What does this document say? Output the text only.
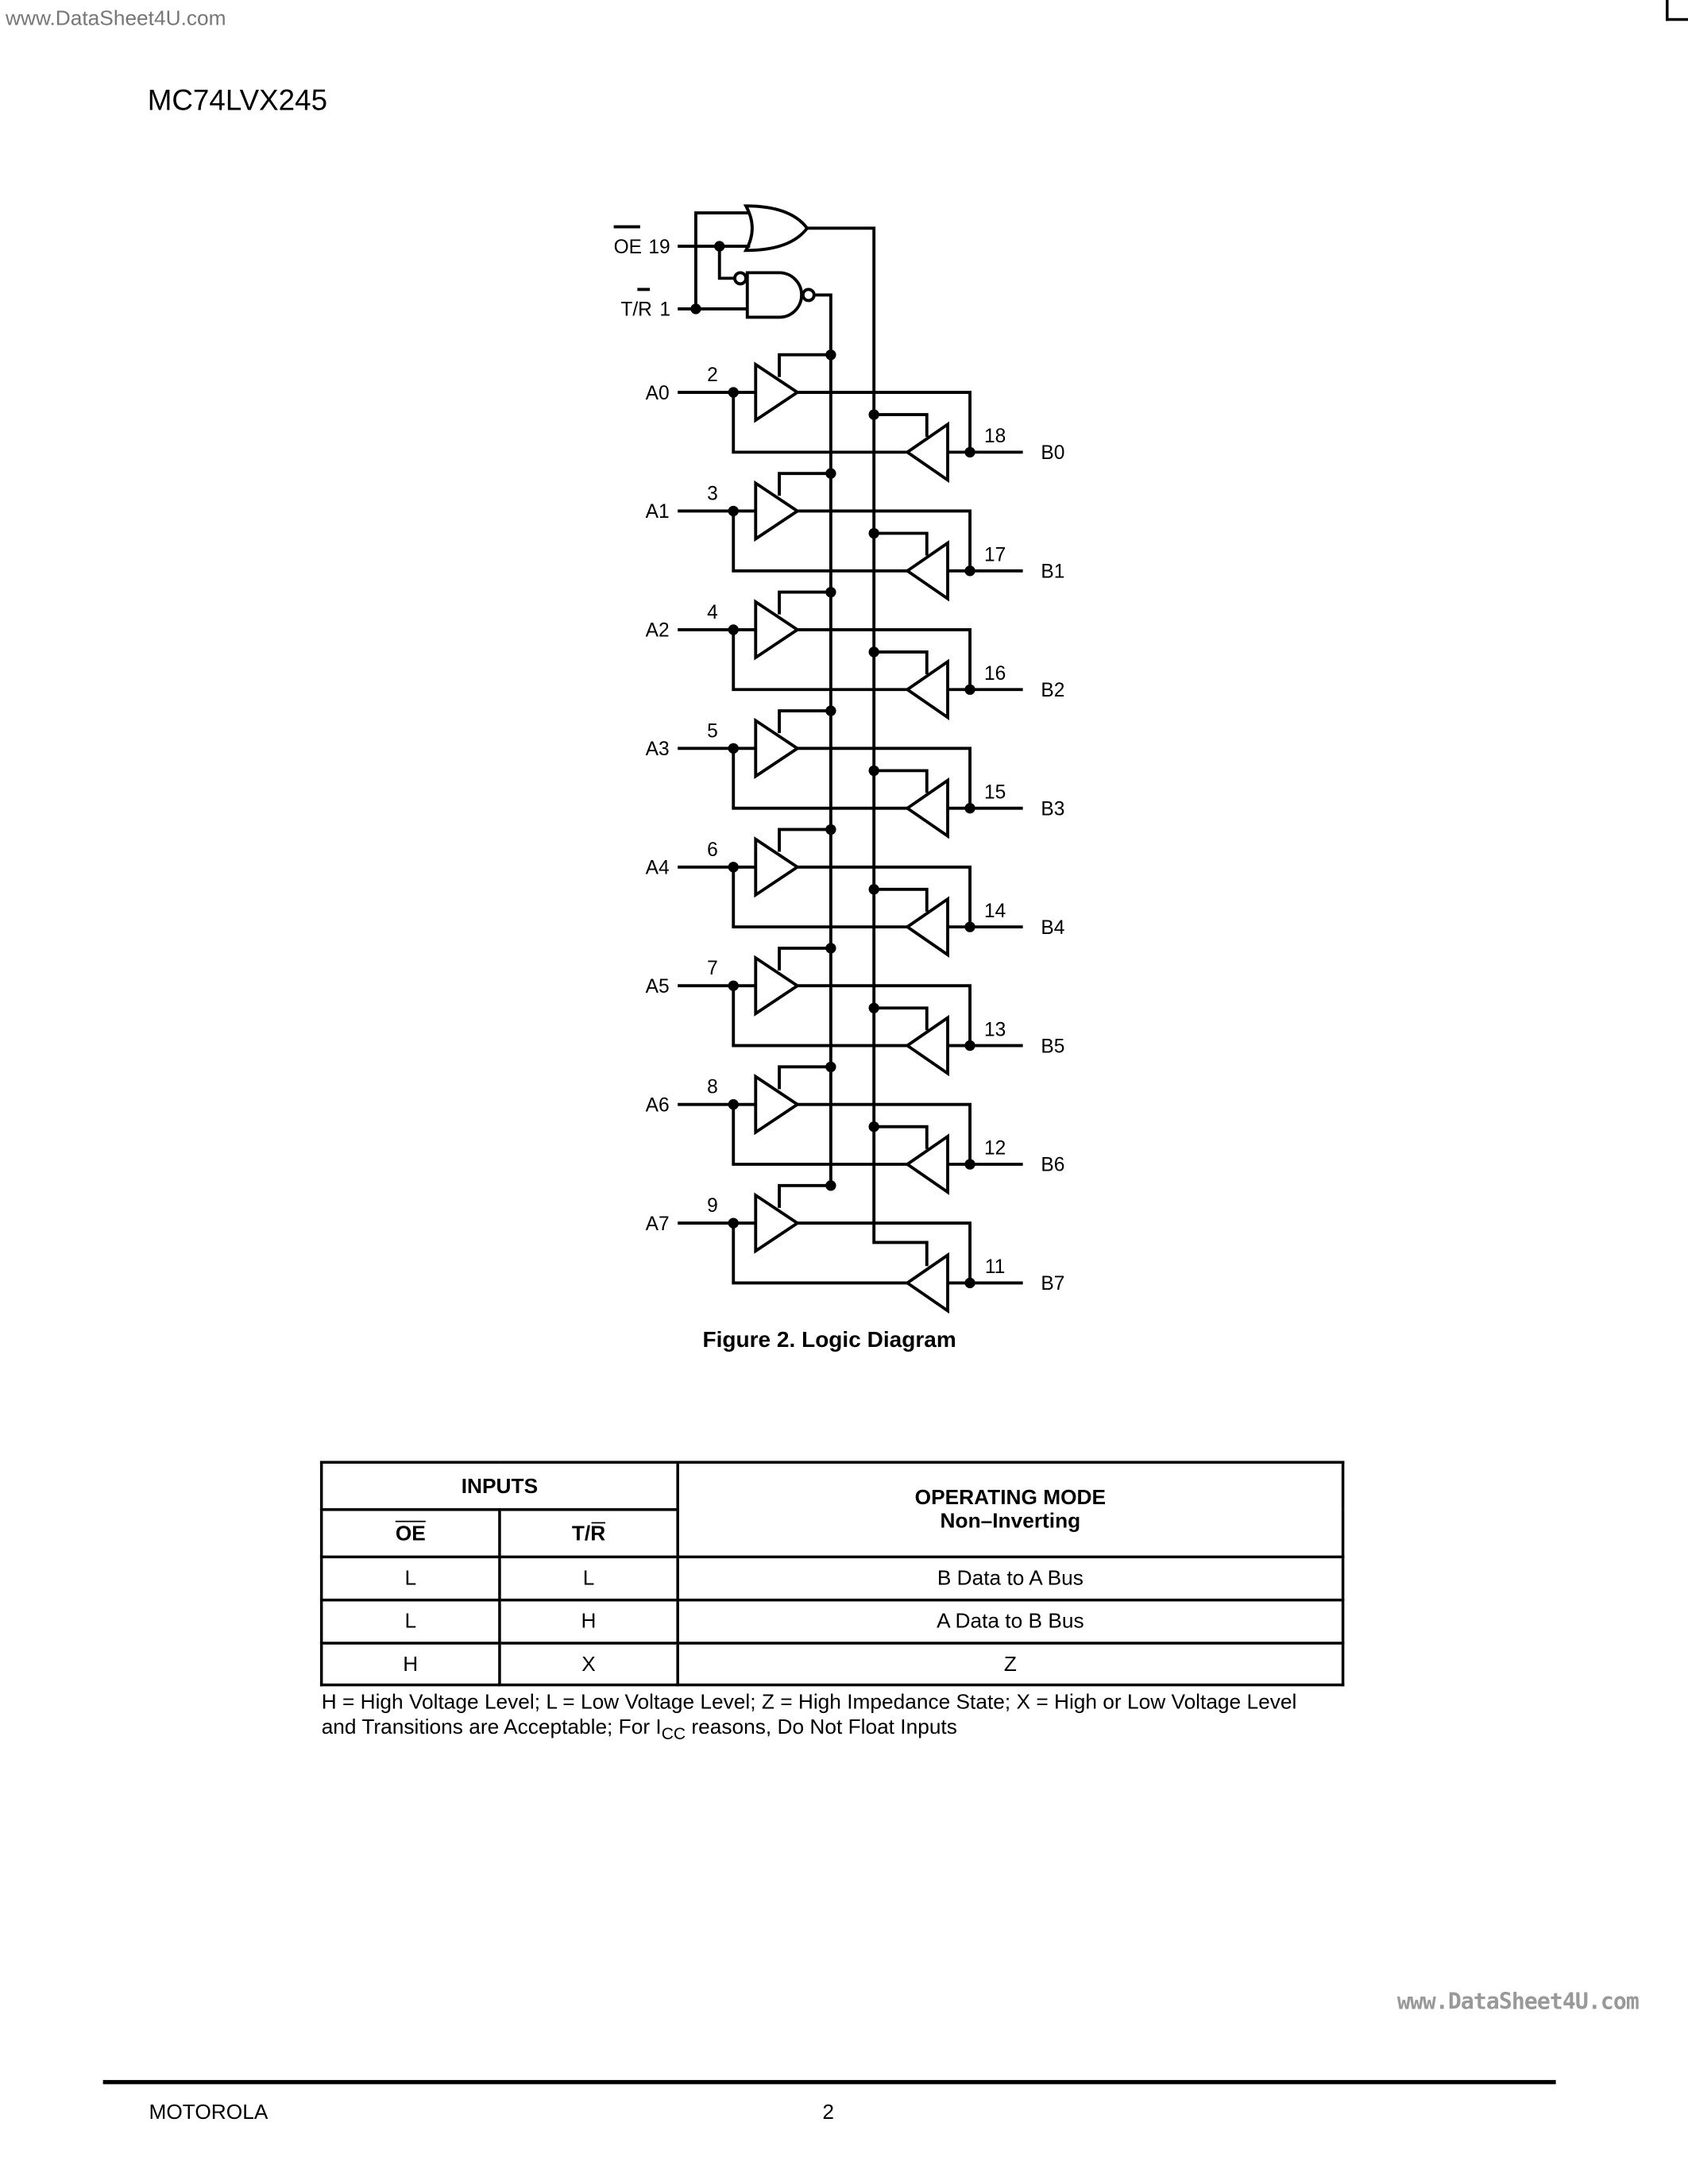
www.DataSheet4U.com
MC74LVX245
OE 19
T/R 1
A0
2
B0
18
A1
3
B1
17
A2
4
B2
16
A3
5
B3
15
A4
6
B4
14
A5
7
B5
13
A6
8
B6
12
A7
9
B7
11
Figure 2. Logic Diagram
INPUTS		OPERATING MODE
Non–Inverting

$\overline{OE}$	T/R	
L	L	B Data to A Bus
L	H	A Data to B Bus
H	X	Z
H = High Voltage Level; L = Low Voltage Level; Z = High Impedance State; X = High or Low Voltage Level
and Transitions are Acceptable; For $I_{CC}$ reasons, Do Not Float Inputs
www.DataSheet4U.com
MOTOROLA	2
